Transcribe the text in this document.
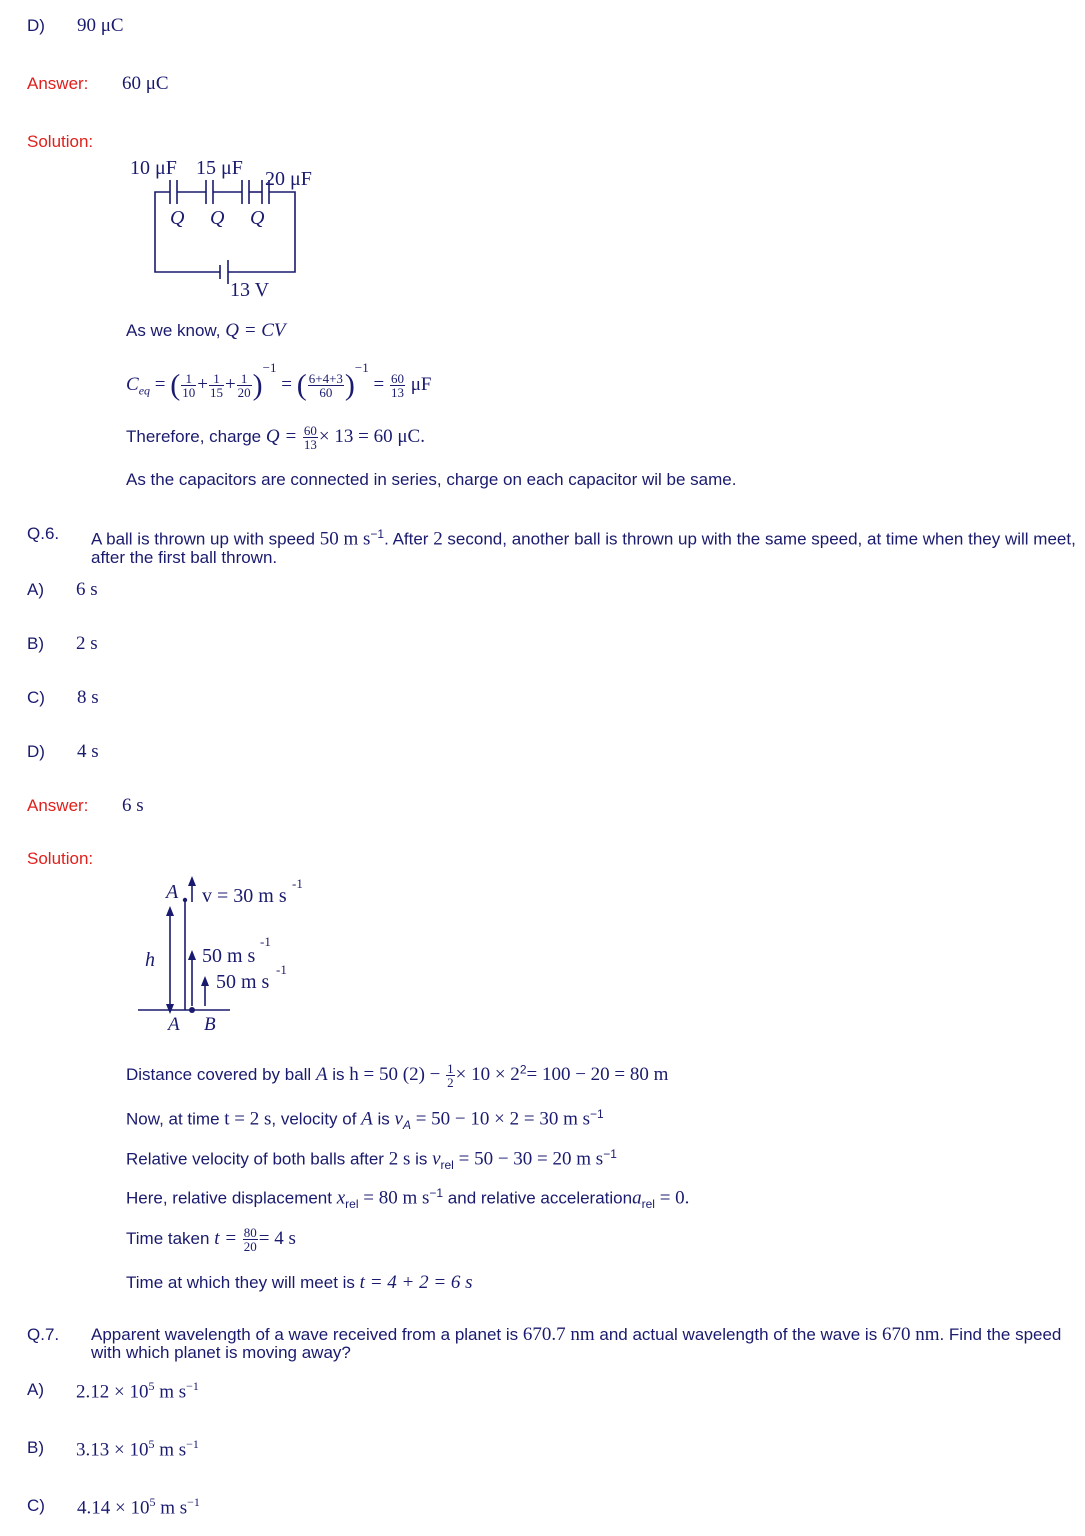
D) 90 μC
Answer: 60 μC
Solution:
10 μF 15 μF 20 μF
Q Q Q
13 V
As we know, Q = CV
$C_{eq}$ = ( $\frac{1}{10} + \frac{1}{15} + \frac{1}{20} )^{-1}$ = ( $\frac{6+4+3}{60} )^{-1} = \frac{60}{13}$ μF
Therefore, charge $Q = \frac{60}{13} \times 13 = 60$ μC.
As the capacitors are connected in series, charge on each capacitor wil be same.
Q.6. A ball is thrown up with speed 50 m $s^{-1}$. After 2 second, another ball is thrown up with the same speed, at time when they will meet, after the first ball thrown.
A) 6 s
B) 2 s
C) 8 s
D) 4 s
Answer: 6 s
Solution:
A v = 30 m s
-1
h 50 m s
-1
50 m s
-1
A B
Distance covered by ball A is h = 50 $(2) - \frac{1}{2} \times 10 \times 2^2= 100 - 20 = 80$ m
Now, at time t = 2 s, velocity of A is $v_A = 50 - 10 \times 2 = 30$ m $s^{-1}$
Relative velocity of both balls after 2 s is $v_{rel} = 50 - 30 = 20$ m $s^{-1}$
Here, relative displacement $x_{rel} = 80$ m $s^{-1}$ and relative accelerationa$_{rel}$ = 0.
Time taken $t = \frac{80}{20} = 4$ s
Time at which they will meet is t = 4 + 2 = 6 s
Q.7. Apparent wavelength of a wave received from a planet is 670.7 nm and actual wavelength of the wave is 670 nm. Find the speed with which planet is moving away?
A) $2.12 \times 10^5$ m $s^{-1}$
B) $3.13 \times 10^5$ m $s^{-1}$
C) $4.14 \times 10^5$ m $s^{-1}$
